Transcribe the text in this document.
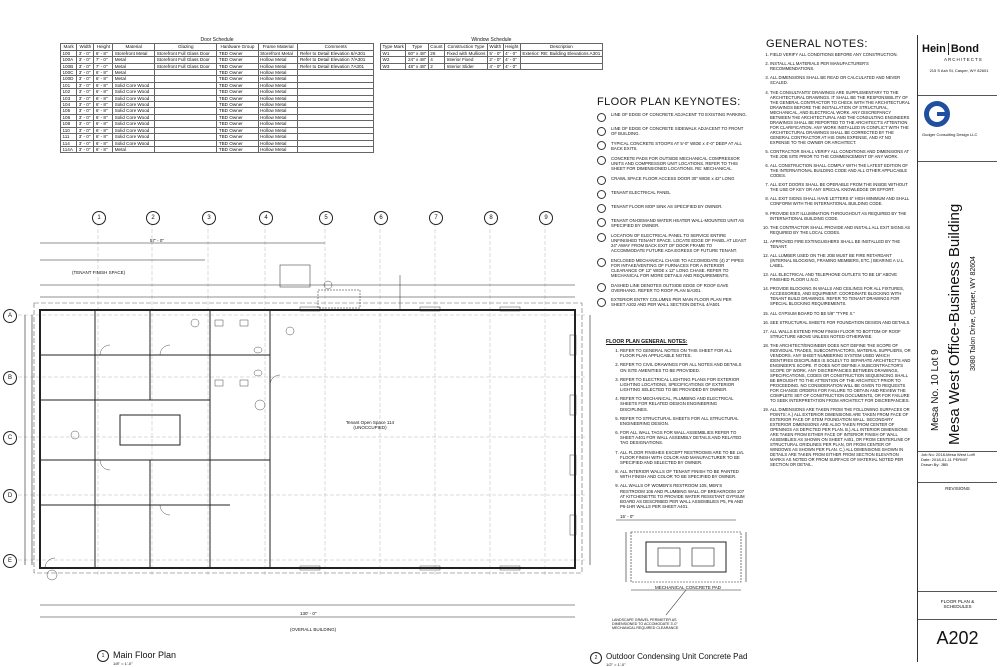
Door Schedule							
Mark	Width	Height	Material	Glazing	Hardware Group	Frame Material	Comments
100	3' - 0"	6' - 8"	Storefront Metal	Storefront Full Glass Door	TBD Owner	Storefront Metal	Refer to Detail Elevation 6/A301
100A	3' - 0"	7' - 0"	Metal	Storefront Full Glass Door	TBD Owner	Hollow Metal	Refer to Detail Elevation 7/A301
100B	3' - 0"	7' - 0"	Metal	Storefront Full Glass Door	TBD Owner	Hollow Metal	Refer to Detail Elevation 7A301
100C	3' - 0"	6' - 8"	Metal		TBD Owner	Hollow Metal	
100D	3' - 0"	6' - 8"	Metal		TBD Owner	Hollow Metal	
101	3' - 0"	6' - 8"	Solid Core Wood		TBD Owner	Hollow Metal	
102	3' - 0"	6' - 8"	Solid Core Wood		TBD Owner	Hollow Metal	
103	3' - 0"	6' - 8"	Solid Core Wood		TBD Owner	Hollow Metal	
104	3' - 0"	6' - 8"	Solid Core Wood		TBD Owner	Hollow Metal	
105	3' - 0"	6' - 8"	Solid Core Wood		TBD Owner	Hollow Metal	
106	3' - 0"	6' - 8"	Solid Core Wood		TBD Owner	Hollow Metal	
108	3' - 0"	6' - 8"	Solid Core Wood		TBD Owner	Hollow Metal	
110	3' - 0"	6' - 8"	Solid Core Wood		TBD Owner	Hollow Metal	
111	3' - 0"	6' - 8"	Solid Core Wood		TBD Owner	Hollow Metal	
114	3' - 0"	6' - 8"	Solid Core Wood		TBD Owner	Hollow Metal	
114A	3' - 0"	6' - 8"	Metal		TBD Owner	Hollow Metal	
Window Schedule						
Type Mark	Type	Count	Construction Type	Width	Height	Description
W1	60" x 48"	26	Fixed with Mullions	5' - 0"	4' - 0"	Exterior: RE: Building Elevations A301
W2	24" x 48"	4	Interior Fixed	2' - 0"	4' - 0"	
W3	48" x 48"	2	Interior Slider	4' - 0"	4' - 0"	
FLOOR PLAN KEYNOTES:
LINE OF EDGE OF CONCRETE ADJACENT TO EXISTING PARKING.
LINE OF EDGE OF CONCRETE SIDEWALK ADJACENT TO FRONT OF BUILDING.
TYPICAL CONCRETE STOOPS AT 5'-0" WIDE x 4'-0" DEEP AT ALL BACK EXITS.
CONCRETE PADS FOR OUTSIDE MECHANICAL COMPRESSOR UNITS AND COMPRESSOR UNIT LOCATIONS. REFER TO THIS SHEET FOR DIMENSIONED LOCATIONS. RE: MECHANICAL
CRAWL SPACE FLOOR ACCESS DOOR 30" WIDE x 42" LONG
TENANT ELECTRICAL PANEL
TENANT FLOOR MOP SINK AS SPECIFIED BY OWNER.
TENANT ON-DEMAND WATER HEATER WALL-MOUNTED UNIT AS SPECIFIED BY OWNER.
LOCATION OF ELECTRICAL PANEL TO SERVICE ENTIRE UNFINISHED TENANT SPACE. LOCATE EDGE OF PANEL AT LEAST 24" AWAY FROM BACK EXIT OF DOOR FRAME TO ACCOMMODATE FUTURE ADA EGRESS OF FUTURE TENANT.
ENCLOSED MECHANICAL CHASE TO ACCOMODATE (4) 2" PIPES FOR INTAKE/VENTING OF FURNACES FOR A INTERIOR CLEARANCE OF 12" WIDE x 12" LONG CHASE. REFER TO MECHANICAL FOR MORE DETAILS AND REQUIREMENTS.
DASHED LINE DENOTES OUTSIDE EDGE OF ROOF EAVE OVERHANG. REFER TO ROOF PLAN 5/A301.
EXTERIOR ENTRY COLUMNS PER MAIN FLOOR PLAN PER SHEET A202 AND PER WALL SECTION DETAIL 4/A501
FLOOR PLAN GENERAL NOTES:
1. REFER TO GENERAL NOTES ON THIS SHEET FOR ALL FLOOR PLAN APPLICABLE NOTES.
2. REFER TO CIVIL DRAWINGS FOR ALL NOTES AND DETAILS ON SITE AMENITIES TO BE PROVIDED.
3. REFER TO ELECTRICAL LIGHTING PLANS FOR EXTERIOR LIGHTING LOCATIONS, SPECIFICATIONS OF EXTERIOR LIGHTING SELECTED TO BE PROVIDED BY OWNER.
4. REFER TO MECHANICAL, PLUMBING AND ELECTRICAL SHEETS FOR RELATED DESIGN ENGINEERING DISCIPLINES.
5. REFER TO STRUCTURAL SHEETS FOR ALL STRUCTURAL ENGINEERING DESIGN.
6. FOR ALL WALL TAGS FOR WALL ASSEMBLIES REFER TO SHEET A401 FOR WALL ASSEMBLY DETAILS AND RELATED TAG DESIGNATIONS.
7. ALL FLOOR FINISHES EXCEPT RESTROOMS ARE TO BE LVL FLOOR FINISH WITH COLOR AND MANUFACTURER TO BE SPECIFIED AND SELECTED BY OWNER.
8. ALL INTERIOR WALLS OF TENANT FINISH TO BE PAINTED WITH FINISH AND COLOR TO BE SPECIFIED BY OWNER.
9. ALL WALLS OF WOMEN'S RESTROOM 105, MEN'S RESTROOM 106 AND PLUMBING WALL OF BREAKROOM 107 AT KITCHENETTE TO PROVIDE WATER RESISTANT GYPSUM BOARD AS DESCRIBED PER WALL ASSEMBLIES P5, P6 AND P6-1HR WALLS PER SHEET A401.
GENERAL NOTES:
1. FIELD VERIFY ALL CONDITIONS BEFORE ANY CONSTRUCTION.
2. INSTALL ALL MATERIALS PER MANUFACTURER'S RECOMMENDATIONS.
3. ALL DIMENSIONS SHALL BE READ OR CALCULATED AND NEVER SCALED.
4. THE CONSULTANTS' DRAWINGS ARE SUPPLEMENTARY TO THE ARCHITECTURAL DRAWINGS. IT SHALL BE THE RESPONSIBILITY OF THE GENERAL CONTRACTOR TO CHECK WITH THE ARCHITECTURAL DRAWINGS BEFORE THE INSTALLATION OF STRUCTURAL, MECHANICAL, AND ELECTRICAL WORK. ANY DISCREPANCY BETWEEN THE ARCHITECTURAL AND THE CONSULTING ENGINEERS DRAWINGS SHALL BE REPORTED TO THE ARCHITECT'S ATTENTION FOR CLARIFICATION. ANY WORK INSTALLED IN CONFLICT WITH THE ARCHITECTURAL DRAWINGS SHALL BE CORRECTED BY THE GENERAL CONTRACTOR AT HIS OWN EXPENSE, AND AT NO EXPENSE TO THE OWNER OR ARCHITECT.
5. CONTRACTOR SHALL VERIFY ALL CONDITIONS AND DIMENSIONS AT THE JOB SITE PRIOR TO THE COMMENCEMENT OF ANY WORK.
6. ALL CONSTRUCTION SHALL COMPLY WITH THE LATEST EDITION OF THE INTERNATIONAL BUILDING CODE AND ALL OTHER APPLICABLE CODES.
7. ALL EXIT DOORS SHALL BE OPERABLE FROM THE INSIDE WITHOUT THE USE OF KEY OR ANY SPECIAL KNOWLEDGE OR EFFORT.
8. ALL EXIT SIGNS SHALL HAVE LETTERS 6" HIGH MINIMUM AND SHALL CONFORM WITH THE INTERNATIONAL BUILDING CODE.
9. PROVIDE EXIT ILLUMINATION THROUGHOUT AS REQUIRED BY THE INTERNATIONAL BUILDING CODE.
10. THE CONTRACTOR SHALL PROVIDE AND INSTALL ALL EXIT SIGNS AS REQUIRED BY THE LOCAL CODES.
11. APPROVED FIRE EXTINGUISHERS SHALL BE INSTALLED BY THE TENANT.
12. ALL LUMBER USED ON THE JOB MUST BE FIRE RETARDANT (INTERNAL BLOCKING, FRAMING MEMBERS, ETC.) BEARING A U.L. LABEL.
13. ALL ELECTRICAL AND TELEPHONE OUTLETS TO BE 18" ABOVE FINISHED FLOOR U.N.O.
14. PROVIDE BLOCKING IN WALLS AND CEILINGS FOR ALL FIXTURES, ACCESSORIES, AND EQUIPMENT. COORDINATE BLOCKING WITH TENANT BUILD DRAWINGS. REFER TO TENANT DRAWINGS FOR SPECIAL BLOCKING REQUIREMENTS.
15. ALL GYPSUM BOARD TO BE 5/8" "TYPE X."
16. SEE STRUCTURAL SHEETS FOR FOUNDATION DESIGN AND DETAILS.
17. ALL WALLS EXTEND FROM FINISH FLOOR TO BOTTOM OF ROOF STRUCTURE ABOVE UNLESS NOTED OTHERWISE.
18. THE ARCHITECT/ENGINEER DOES NOT DEFINE THE SCOPE OF INDIVIDUAL TRADES, SUBCONTRACTORS, MATERIAL SUPPLIERS, OR VENDORS. ANY SHEET NUMBERING SYSTEM USED WHICH IDENTIFIES DISCIPLINES IS SOLELY TO SEPARATE ARCHITECT'S AND ENGINEER'S SCOPE. IT DOES NOT DEFINE A SUBCONTRACTOR'S SCOPE OF WORK. ANY DISCREPANCIES BETWEEN DRAWINGS, SPECIFICATIONS, CODES OR CONSTRUCTION SEQUENCING SHALL BE BROUGHT TO THE ATTENTION OF THE ARCHITECT PRIOR TO PROCEEDING. NO CONSIDERATION WILL BE GIVEN TO REQUESTS FOR CHANGE ORDERS FOR FAILURE TO OBTAIN AND REVIEW THE COMPLETE SET OF CONSTRUCTION DOCUMENTS, OR FOR FAILURE TO SEEK INTERPRETATION FROM ARCHITECT FOR DISCREPANCIES.
19. ALL DIMENSIONS ARE TAKEN FROM THE FOLLOWING SURFACES OR POINTS: A.) ALL EXTERIOR DIMENSIONS ARE TAKEN FROM FACE OF EXTERIOR FACE OF STEM FOUNDATION WALL. SECONDARY EXTERIOR DIMENSIONS ARE ALSO TAKEN FROM CENTER OF OPENINGS AS DEPICTED PER PLAN. B.) ALL INTERIOR DIMENSIONS ARE TAKEN FROM EITHER FACE OF INTERIOR FINISH OF WALL ASSEMBLIES AS SHOWN ON SHEET A401, OR FROM CENTERLINE OF STRUCTURAL GRIDLINES PER PLAN, OR FROM CENTER OF WINDOWS AS SHOWN PER PLAN. C.) ALL DIMENSIONS SHOWN IN DETAILS ARE TAKEN FROM EITHER FROM SECTION ELEVATION MARKS AS NOTED OR FROM SURFACE OF MATERIAL NOTED PER SECTION OR DETAIL.
(TENANT FINISH SPACE)
Tenant Open Space 114 (UNOCCUPIED)
(OVERALL BUILDING)
57' - 0"
130' - 0"
1	2	3	4	5	6	7	8	9
A
B
C
D
E
1 Main Floor Plan
1/8" = 1'-0"
15' - 0"
MECHANICAL CONCRETE PAD
LANDSCAPE GRAVEL PERIMETER AS DIMENSIONED TO ACCOMODATE 3'-0" MECHANICAL REQUIRED CLEARANCE
2	Outdoor Condensing Unit Concrete Pad
1/2" = 1'-0"
Hein Bond
ARCHITECTS
215 S Ash St, Casper, WY 82601
Gudger Consulting Design LLC
Mesa No. 10 Lot 9 Mesa West Office-Business Building 3080 Talon Drive, Casper, WY 82604
Job No: 2018-Mesa West Lot9
Date: 2018-01-11 PERMIT
Drawn By: JBB
REVISIONS
FLOOR PLAN & SCHEDULES
A202
